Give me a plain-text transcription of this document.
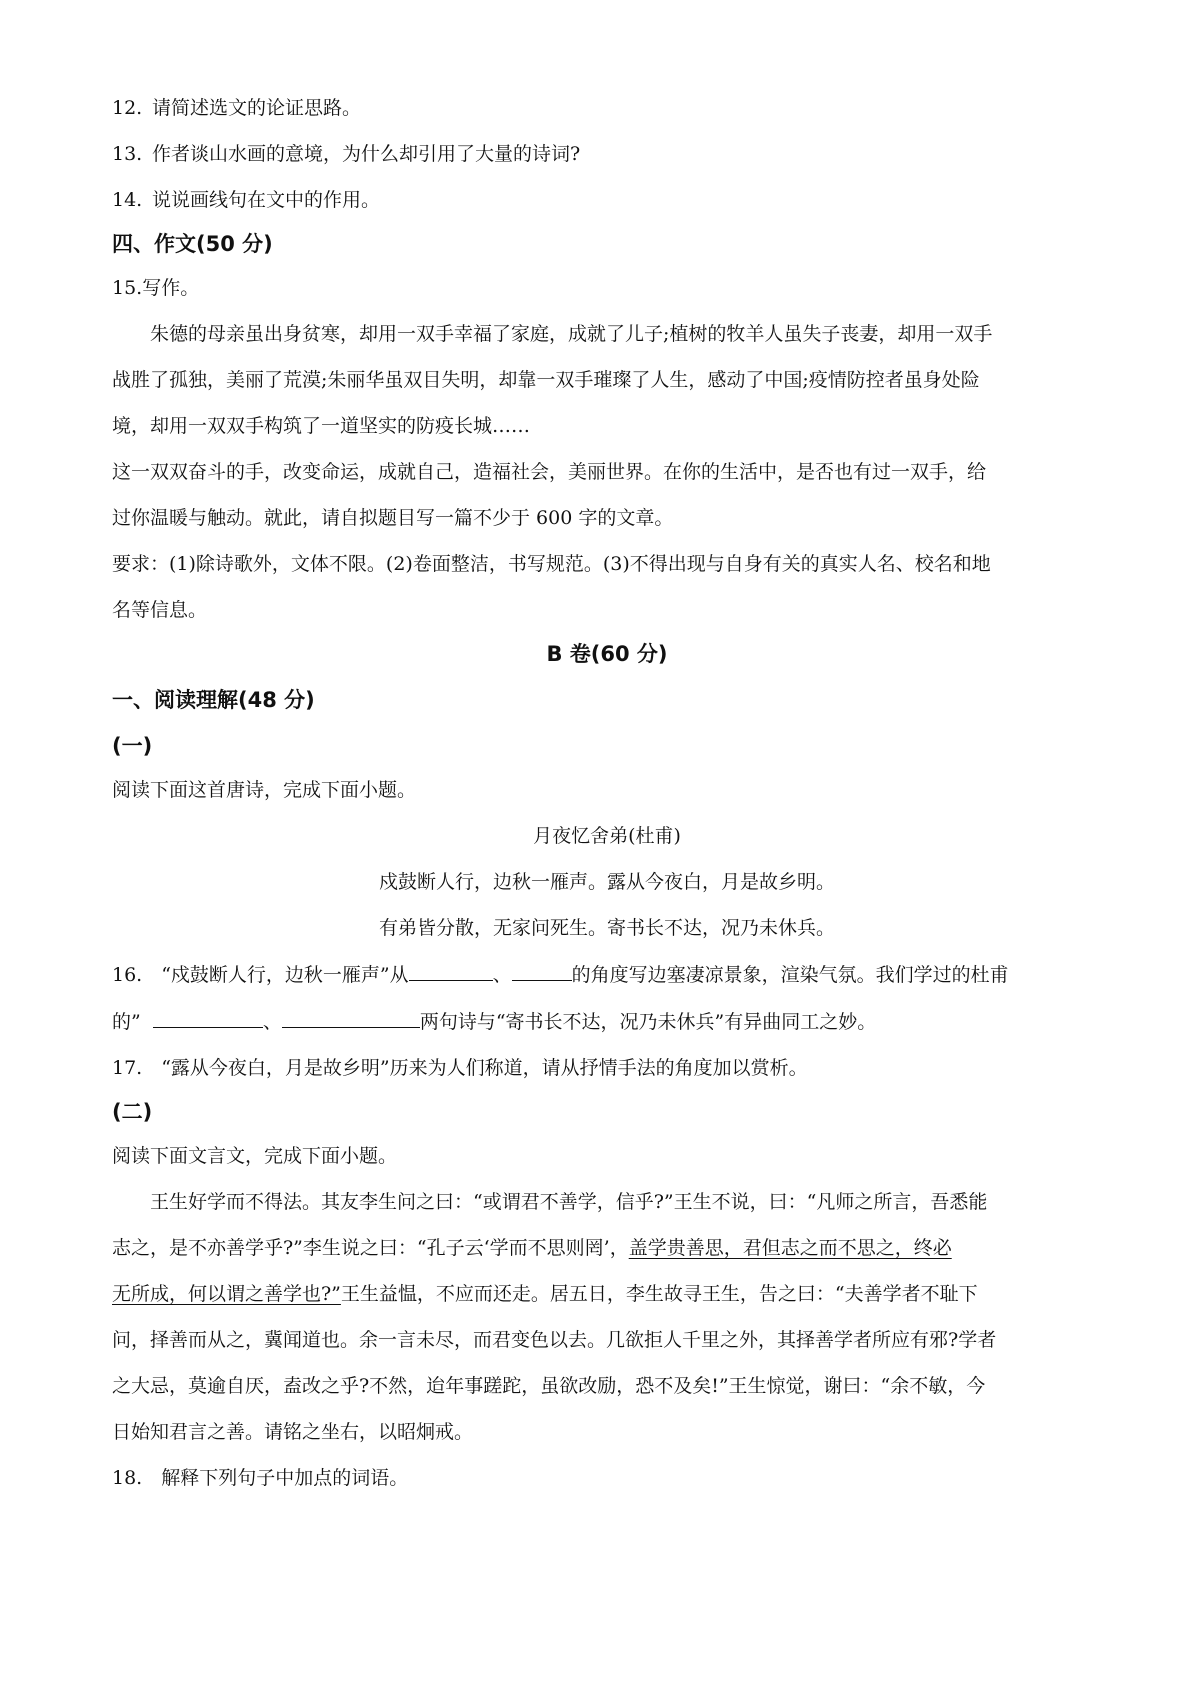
12. 请简述选文的论证思路。

13. 作者谈山水画的意境，为什么却引用了大量的诗词?

14. 说说画线句在文中的作用。

四、作文(50 分)

15.写作。

朱德的母亲虽出身贫寒，却用一双手幸福了家庭，成就了儿子;植树的牧羊人虽失子丧妻，却用一双手
战胜了孤独，美丽了荒漠;朱丽华虽双目失明，却靠一双手璀璨了人生，感动了中国;疫情防控者虽身处险
境，却用一双双手构筑了一道坚实的防疫长城……
这一双双奋斗的手，改变命运，成就自己，造福社会，美丽世界。在你的生活中，是否也有过一双手，给
过你温暖与触动。就此，请自拟题目写一篇不少于 600 字的文章。
要求：(1)除诗歌外，文体不限。(2)卷面整洁，书写规范。(3)不得出现与自身有关的真实人名、校名和地
名等信息。
B 卷(60 分)
一、阅读理解(48 分)
(一)

阅读下面这首唐诗，完成下面小题。

月夜忆舍弟(杜甫)

戍鼓断人行，边秋一雁声。露从今夜白，月是故乡明。

有弟皆分散，无家问死生。寄书长不达，况乃未休兵。

16.　“戍鼓断人行，边秋一雁声”从	、	的角度写边塞凄凉景象，渲染气氛。我们学过的杜甫

的”	、	两句诗与“寄书长不达，况乃未休兵”有异曲同工之妙。

17.　“露从今夜白，月是故乡明”历来为人们称道，请从抒情手法的角度加以赏析。

(二)

阅读下面文言文，完成下面小题。

王生好学而不得法。其友李生问之曰：“或谓君不善学，信乎?”王生不说，曰：“凡师之所言，吾悉能
志之，是不亦善学乎?”李生说之曰：“孔子云‘学而不思则罔’，盖学贵善思，君但志之而不思之，终必
无所成，何以谓之善学也?”王生益愠，不应而还走。居五日，李生故寻王生，告之曰：“夫善学者不耻下
问，择善而从之，冀闻道也。余一言未尽，而君变色以去。几欲拒人千里之外，其择善学者所应有邪?学者
之大忌，莫逾自厌，盍改之乎?不然，迨年事蹉跎，虽欲改励，恐不及矣!”王生惊觉，谢曰：“余不敏，今
日始知君言之善。请铭之坐右，以昭炯戒。

18.　解释下列句子中加点的词语。
